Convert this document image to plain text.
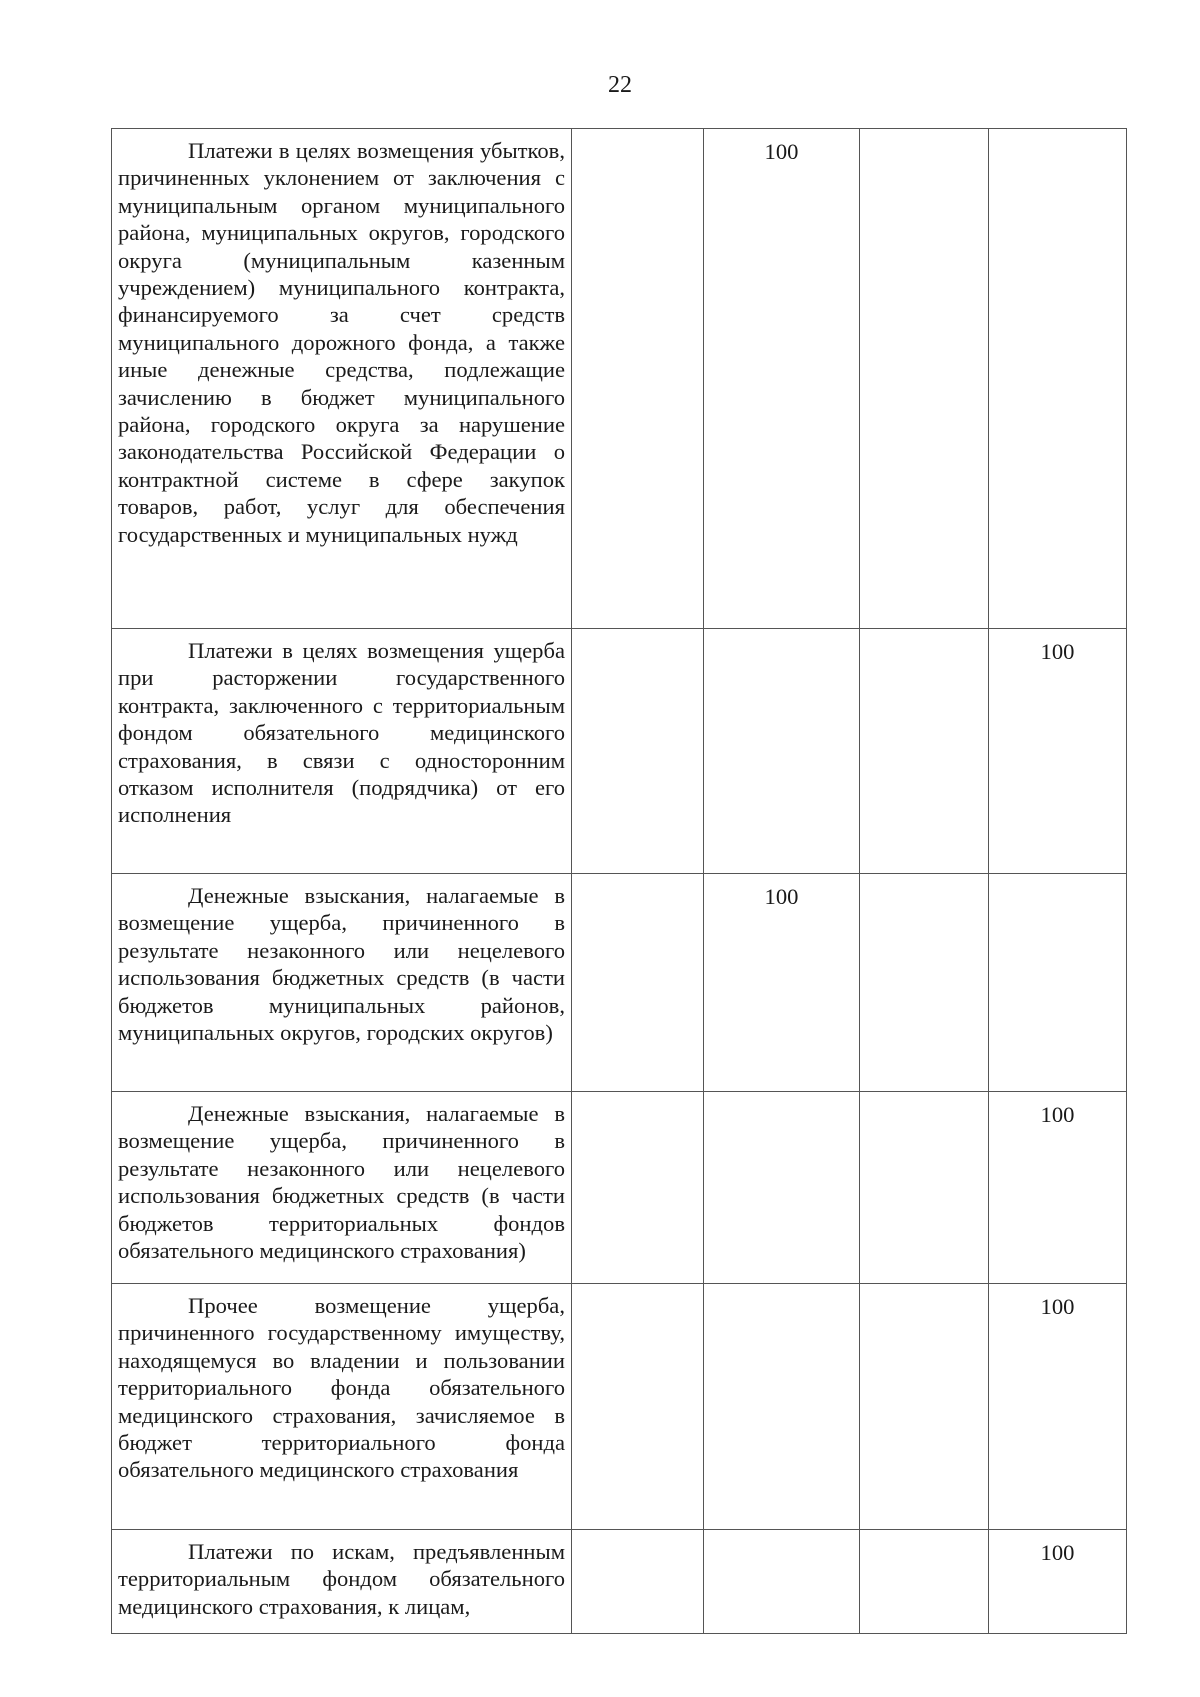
22
Платежи в целях возмещения убытков, причиненных уклонением от заключения с муниципальным органом муниципального района, муниципальных округов, городского округа (муниципальным казенным учреждением) муниципального контракта, финансируемого за счет средств муниципального дорожного фонда, а также иные денежные средства, подлежащие зачислению в бюджет муниципального района, городского округа за нарушение законодательства Российской Федерации о контрактной системе в сфере закупок товаров, работ, услуг для обеспечения государственных и муниципальных нужд		100		
Платежи в целях возмещения ущерба при расторжении государственного контракта, заключенного с территориальным фондом обязательного медицинского страхования, в связи с односторонним отказом исполнителя (подрядчика) от его исполнения				100
Денежные взыскания, налагаемые в возмещение ущерба, причиненного в результате незаконного или нецелевого использования бюджетных средств (в части бюджетов муниципальных районов, муниципальных округов, городских округов)		100		
Денежные взыскания, налагаемые в возмещение ущерба, причиненного в результате незаконного или нецелевого использования бюджетных средств (в части бюджетов территориальных фондов обязательного медицинского страхования)				100
Прочее возмещение ущерба, причиненного государственному имуществу, находящемуся во владении и пользовании территориального фонда обязательного медицинского страхования, зачисляемое в бюджет территориального фонда обязательного медицинского страхования				100
Платежи по искам, предъявленным территориальным фондом обязательного медицинского страхования, к лицам,				100
